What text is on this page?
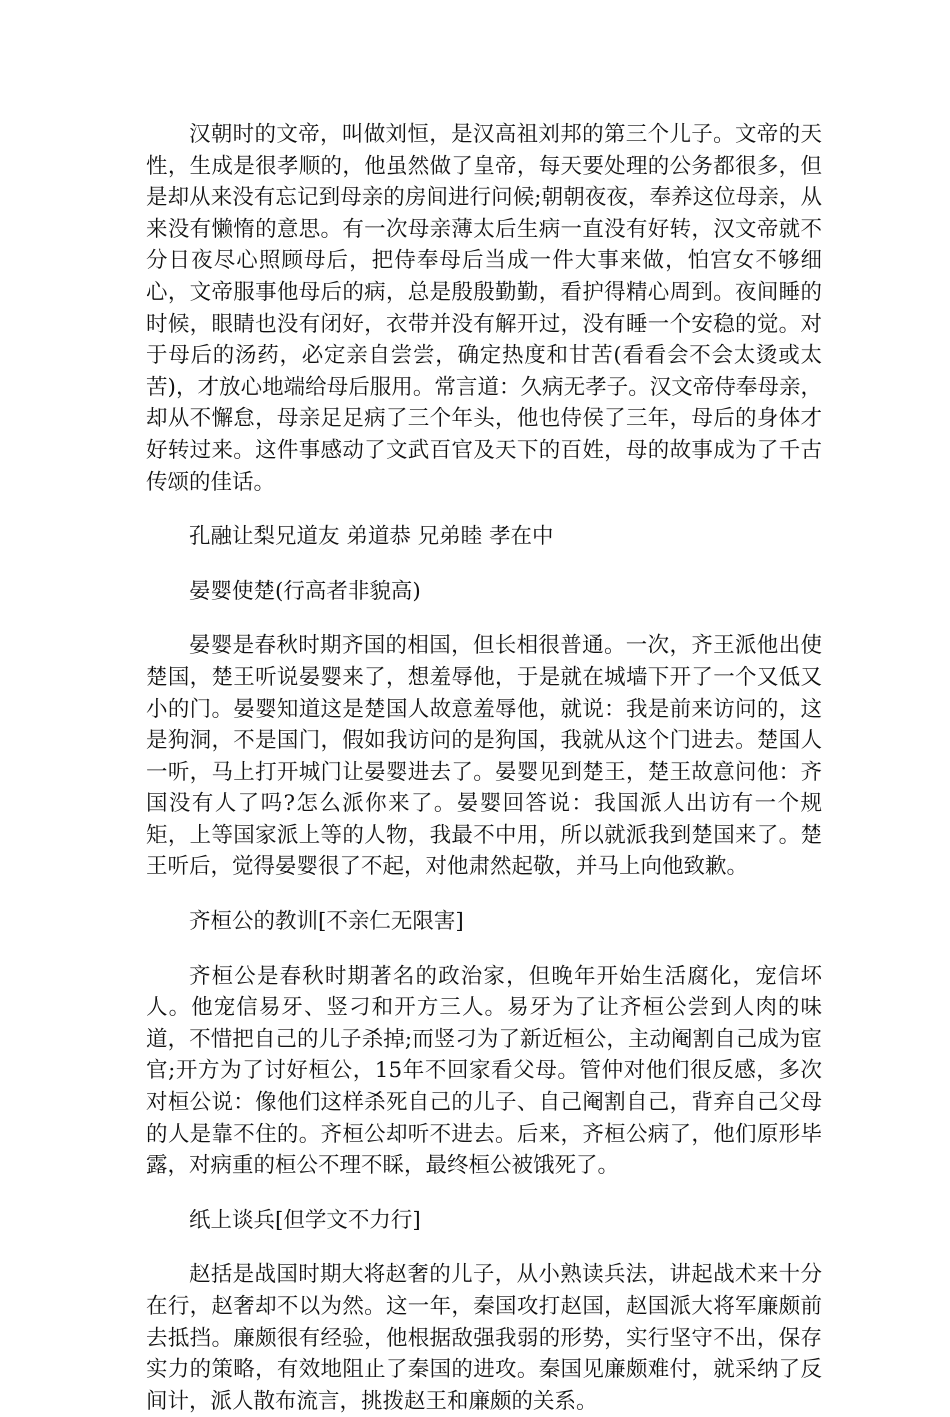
汉朝时的文帝，叫做刘恒，是汉高祖刘邦的第三个儿子。文帝的天性，生成是很孝顺的，他虽然做了皇帝，每天要处理的公务都很多，但是却从来没有忘记到母亲的房间进行问候;朝朝夜夜，奉养这位母亲，从来没有懒惰的意思。有一次母亲薄太后生病一直没有好转，汉文帝就不分日夜尽心照顾母后，把侍奉母后当成一件大事来做，怕宫女不够细心，文帝服事他母后的病，总是殷殷勤勤，看护得精心周到。夜间睡的时候，眼睛也没有闭好，衣带并没有解开过，没有睡一个安稳的觉。对于母后的汤药，必定亲自尝尝，确定热度和甘苦(看看会不会太烫或太苦)，才放心地端给母后服用。常言道：久病无孝子。汉文帝侍奉母亲，却从不懈怠，母亲足足病了三个年头，他也侍侯了三年，母后的身体才好转过来。这件事感动了文武百官及天下的百姓，母的故事成为了千古传颂的佳话。

孔融让梨兄道友 弟道恭 兄弟睦 孝在中

晏婴使楚(行高者非貌高)

晏婴是春秋时期齐国的相国，但长相很普通。一次，齐王派他出使楚国，楚王听说晏婴来了，想羞辱他，于是就在城墙下开了一个又低又小的门。晏婴知道这是楚国人故意羞辱他，就说：我是前来访问的，这是狗洞，不是国门，假如我访问的是狗国，我就从这个门进去。楚国人一听，马上打开城门让晏婴进去了。晏婴见到楚王，楚王故意问他：齐国没有人了吗?怎么派你来了。晏婴回答说：我国派人出访有一个规矩，上等国家派上等的人物，我最不中用，所以就派我到楚国来了。楚王听后，觉得晏婴很了不起，对他肃然起敬，并马上向他致歉。

齐桓公的教训[不亲仁无限害]

齐桓公是春秋时期著名的政治家，但晚年开始生活腐化，宠信坏人。他宠信易牙、竖刁和开方三人。易牙为了让齐桓公尝到人肉的味道，不惜把自己的儿子杀掉;而竖刁为了新近桓公，主动阉割自己成为宦官;开方为了讨好桓公，15年不回家看父母。管仲对他们很反感，多次对桓公说：像他们这样杀死自己的儿子、自己阉割自己，背弃自己父母的人是靠不住的。齐桓公却听不进去。后来，齐桓公病了，他们原形毕露，对病重的桓公不理不睬，最终桓公被饿死了。

纸上谈兵[但学文不力行]

赵括是战国时期大将赵奢的儿子，从小熟读兵法，讲起战术来十分在行，赵奢却不以为然。这一年，秦国攻打赵国，赵国派大将军廉颇前去抵挡。廉颇很有经验，他根据敌强我弱的形势，实行坚守不出，保存实力的策略，有效地阻止了秦国的进攻。秦国见廉颇难付，就采纳了反间计，派人散布流言，挑拨赵王和廉颇的关系。
